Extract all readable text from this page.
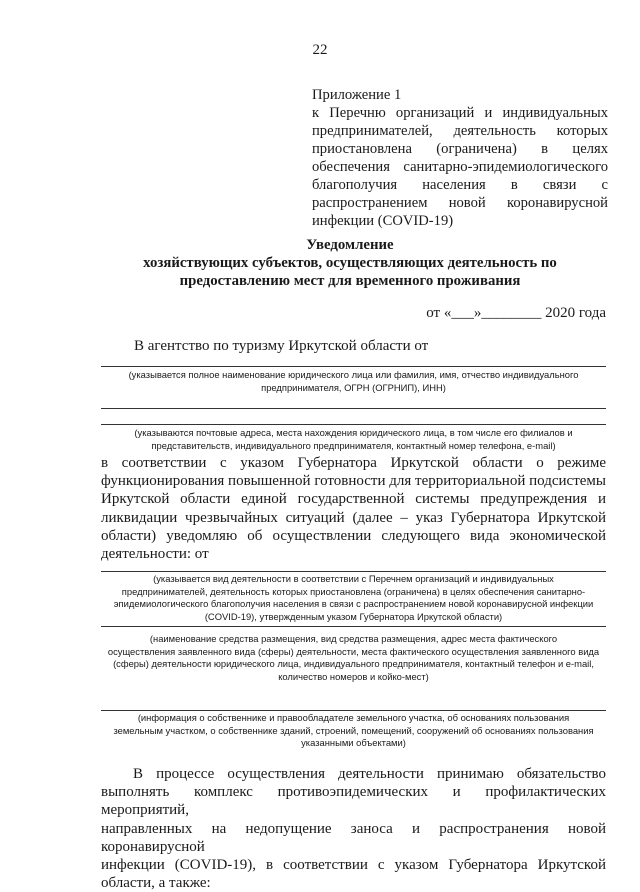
22
Приложение 1
к Перечню организаций и индивидуальных
предпринимателей, деятельность которых
приостановлена (ограничена) в целях
обеспечения санитарно-эпидемиологического
благополучия населения в связи с
распространением новой коронавирусной
инфекции (COVID-19)
Уведомление
хозяйствующих субъектов, осуществляющих деятельность по
предоставлению мест для временного проживания
от «___»________ 2020 года
В агентство по туризму Иркутской области от
(указывается полное наименование юридического лица или фамилия, имя, отчество индивидуального
предпринимателя, ОГРН (ОГРНИП), ИНН)
(указываются почтовые адреса, места нахождения юридического лица, в том числе его филиалов и
представительств, индивидуального предпринимателя, контактный номер телефона, e-mail)
в соответствии с указом Губернатора Иркутской области о режиме
функционирования повышенной готовности для территориальной подсистемы
Иркутской области единой государственной системы предупреждения и
ликвидации чрезвычайных ситуаций (далее – указ Губернатора Иркутской
области) уведомляю об осуществлении следующего вида экономической
деятельности: от
(указывается вид деятельности в соответствии с Перечнем организаций и индивидуальных
предпринимателей, деятельность которых приостановлена (ограничена) в целях обеспечения санитарно-
эпидемиологического благополучия населения в связи с распространением новой коронавирусной инфекции
(COVID-19), утвержденным указом Губернатора Иркутской области)
(наименование средства размещения, вид средства размещения, адрес места фактического
осуществления заявленного вида (сферы) деятельности, места фактического осуществления заявленного вида
(сферы) деятельности юридического лица, индивидуального предпринимателя, контактный телефон и e-mail,
количество номеров и койко-мест)
(информация о собственнике и правообладателе земельного участка, об основаниях пользования
земельным участком, о собственнике зданий, строений, помещений, сооружений об основаниях пользования
указанными объектами)
В процессе осуществления деятельности принимаю обязательство
выполнять комплекс противоэпидемических и профилактических мероприятий,
направленных на недопущение заноса и распространения новой коронавирусной
инфекции (COVID-19), в соответствии с указом Губернатора Иркутской
области, а также:
